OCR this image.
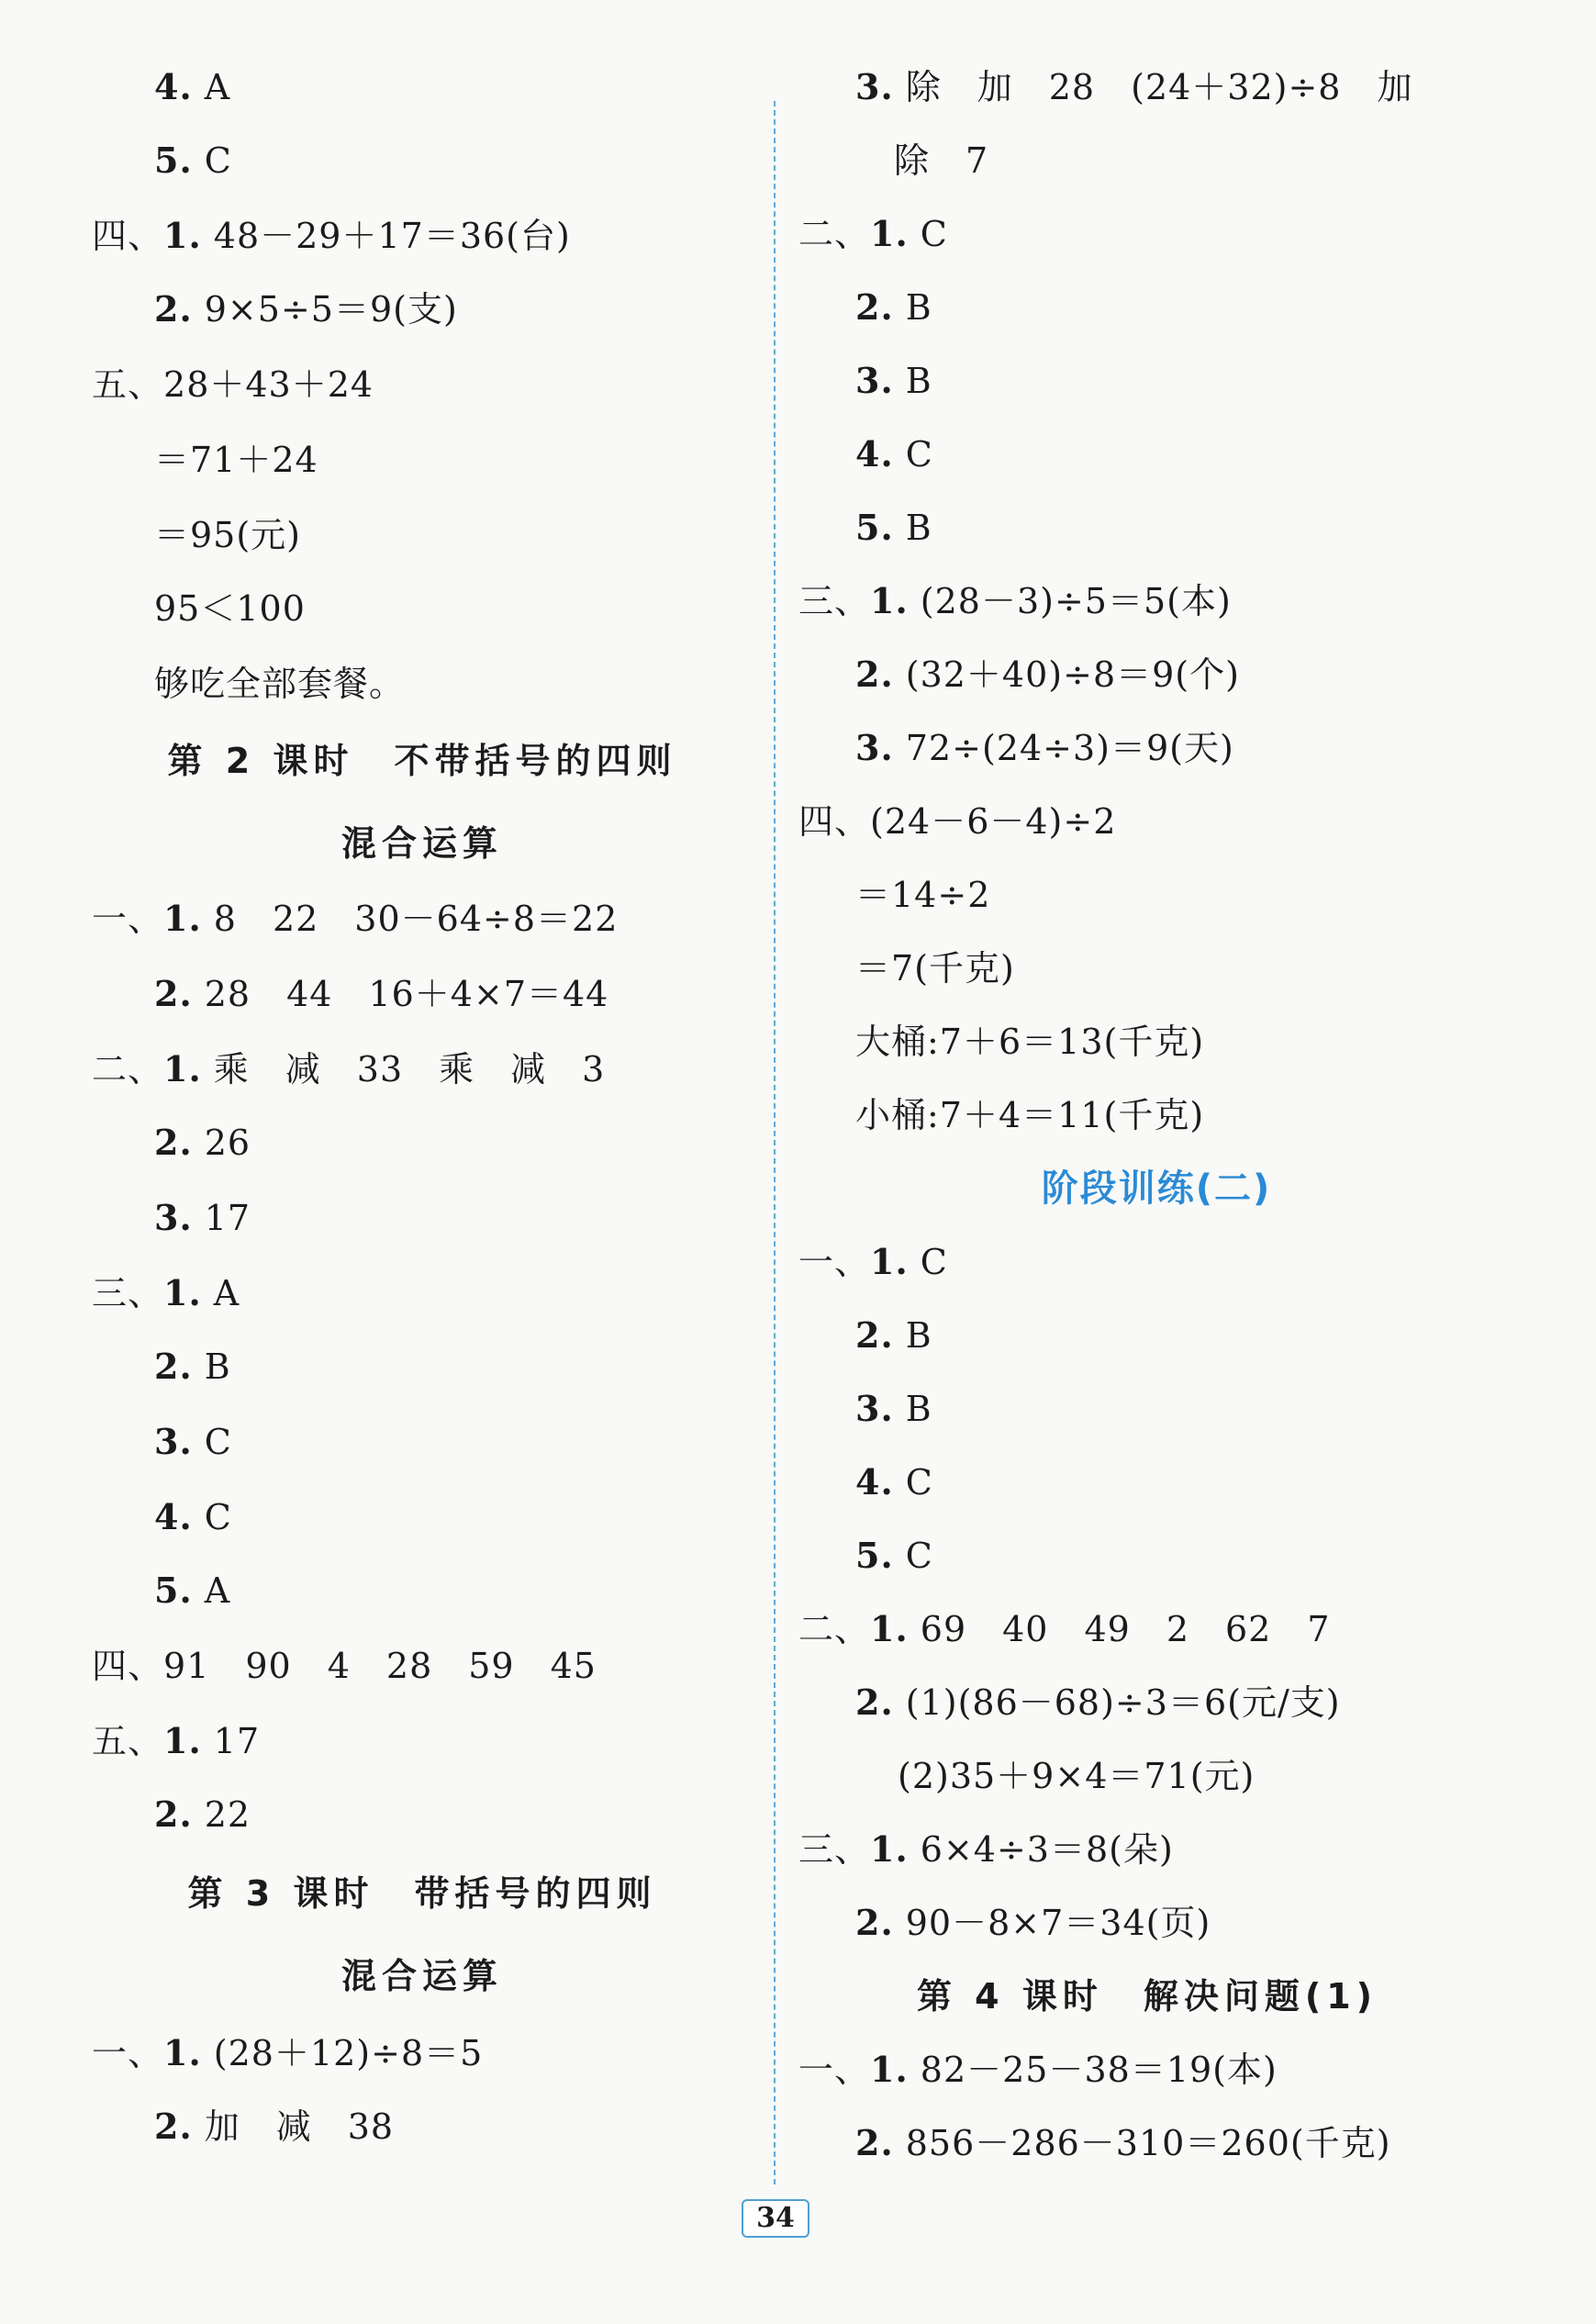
4. A
5. C
四、1. 48－29＋17＝36(台)
2. 9×5÷5＝9(支)
五、28＋43＋24
＝71＋24
＝95(元)
95＜100
够吃全部套餐。
第 2 课时　不带括号的四则
混合运算
一、1. 8　22　30－64÷8＝22
2. 28　44　16＋4×7＝44
二、1. 乘　减　33　乘　减　3
2. 26
3. 17
三、1. A
2. B
3. C
4. C
5. A
四、91　90　4　28　59　45
五、1. 17
2. 22
第 3 课时　带括号的四则
混合运算
一、1. (28＋12)÷8＝5
2. 加　减　38
3. 除　加　28　(24＋32)÷8　加
除　7
二、1. C
2. B
3. B
4. C
5. B
三、1. (28－3)÷5＝5(本)
2. (32＋40)÷8＝9(个)
3. 72÷(24÷3)＝9(天)
四、(24－6－4)÷2
＝14÷2
＝7(千克)
大桶:7＋6＝13(千克)
小桶:7＋4＝11(千克)
阶段训练(二)
一、1. C
2. B
3. B
4. C
5. C
二、1. 69　40　49　2　62　7
2. (1)(86－68)÷3＝6(元/支)
(2)35＋9×4＝71(元)
三、1. 6×4÷3＝8(朵)
2. 90－8×7＝34(页)
第 4 课时　解决问题(1)
一、1. 82－25－38＝19(本)
2. 856－286－310＝260(千克)
34
